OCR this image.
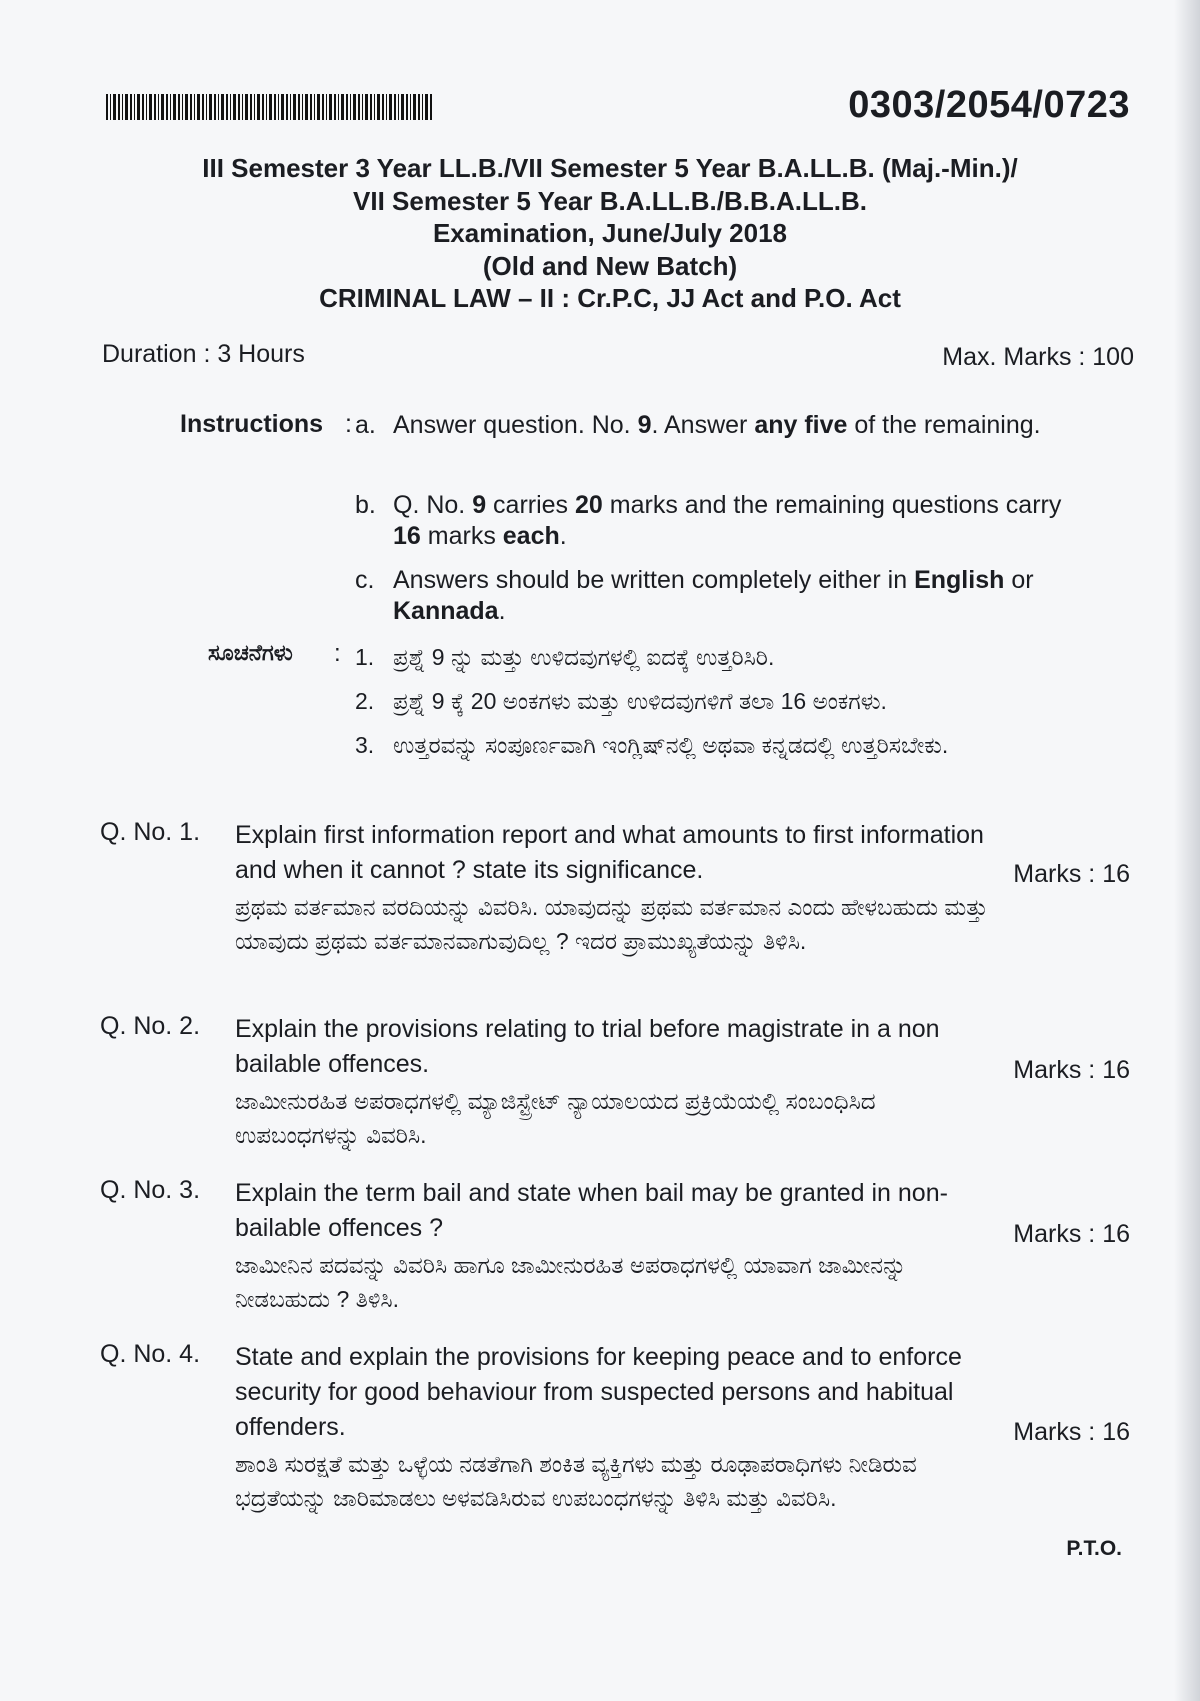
0303/2054/0723
III Semester 3 Year LL.B./VII Semester 5 Year B.A.LL.B. (Maj.-Min.)/
VII Semester 5 Year B.A.LL.B./B.B.A.LL.B.
Examination, June/July 2018
(Old and New Batch)
CRIMINAL LAW – II : Cr.P.C, JJ Act and P.O. Act
Duration : 3 Hours	Max. Marks : 100
Instructions : a. Answer question. No. 9. Answer any five of the remaining.
b. Q. No. 9 carries 20 marks and the remaining questions carry 16 marks each.
c. Answers should be written completely either in English or Kannada.
ಸೂಚನೆಗಳು : 1. ಪ್ರಶ್ನೆ 9 ನ್ನು ಮತ್ತು ಉಳಿದವುಗಳಲ್ಲಿ ಐದಕ್ಕೆ ಉತ್ತರಿಸಿರಿ.
2. ಪ್ರಶ್ನೆ 9 ಕ್ಕೆ 20 ಅಂಕಗಳು ಮತ್ತು ಉಳಿದವುಗಳಿಗೆ ತಲಾ 16 ಅಂಕಗಳು.
3. ಉತ್ತರವನ್ನು ಸಂಪೂರ್ಣವಾಗಿ ಇಂಗ್ಲಿಷ್‌ನಲ್ಲಿ ಅಥವಾ ಕನ್ನಡದಲ್ಲಿ ಉತ್ತರಿಸಬೇಕು.
Q. No. 1. Explain first information report and what amounts to first information and when it cannot ? state its significance.
ಪ್ರಥಮ ವರ್ತಮಾನ ವರದಿಯನ್ನು ವಿವರಿಸಿ. ಯಾವುದನ್ನು ಪ್ರಥಮ ವರ್ತಮಾನ ಎಂದು ಹೇಳಬಹುದು ಮತ್ತು ಯಾವುದು ಪ್ರಥಮ ವರ್ತಮಾನವಾಗುವುದಿಲ್ಲ ? ಇದರ ಪ್ರಾಮುಖ್ಯತೆಯನ್ನು ತಿಳಿಸಿ.
Marks : 16
Q. No. 2. Explain the provisions relating to trial before magistrate in a non bailable offences.
ಜಾಮೀನುರಹಿತ ಅಪರಾಧಗಳಲ್ಲಿ ಮ್ಯಾಜಿಸ್ಟ್ರೇಟ್ ನ್ಯಾಯಾಲಯದ ಪ್ರಕ್ರಿಯೆಯಲ್ಲಿ ಸಂಬಂಧಿಸಿದ ಉಪಬಂಧಗಳನ್ನು ವಿವರಿಸಿ.
Marks : 16
Q. No. 3. Explain the term bail and state when bail may be granted in non-bailable offences ?
ಜಾಮೀನಿನ ಪದವನ್ನು ವಿವರಿಸಿ ಹಾಗೂ ಜಾಮೀನುರಹಿತ ಅಪರಾಧಗಳಲ್ಲಿ ಯಾವಾಗ ಜಾಮೀನನ್ನು ನೀಡಬಹುದು ? ತಿಳಿಸಿ.
Marks : 16
Q. No. 4. State and explain the provisions for keeping peace and to enforce security for good behaviour from suspected persons and habitual offenders.
ಶಾಂತಿ ಸುರಕ್ಷತೆ ಮತ್ತು ಒಳ್ಳೆಯ ನಡತೆಗಾಗಿ ಶಂಕಿತ ವ್ಯಕ್ತಿಗಳು ಮತ್ತು ರೂಢಾಪರಾಧಿಗಳು ನೀಡಿರುವ ಭದ್ರತೆಯನ್ನು ಜಾರಿಮಾಡಲು ಅಳವಡಿಸಿರುವ ಉಪಬಂಧಗಳನ್ನು ತಿಳಿಸಿ ಮತ್ತು ವಿವರಿಸಿ.
Marks : 16
P.T.O.
